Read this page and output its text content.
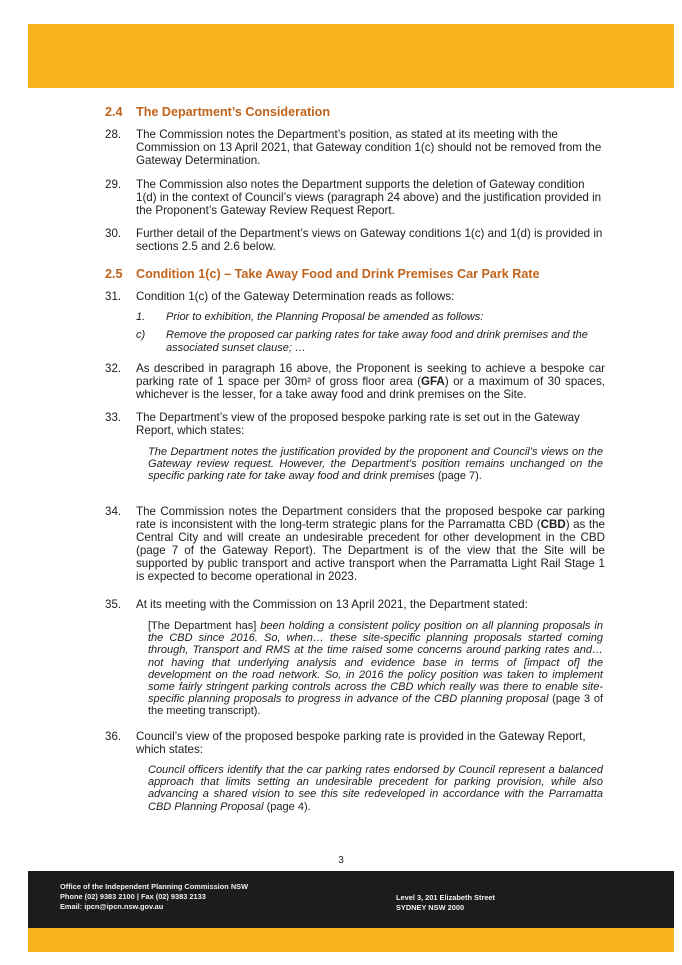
2.4 The Department’s Consideration
28. The Commission notes the Department’s position, as stated at its meeting with the Commission on 13 April 2021, that Gateway condition 1(c) should not be removed from the Gateway Determination.
29. The Commission also notes the Department supports the deletion of Gateway condition 1(d) in the context of Council’s views (paragraph 24 above) and the justification provided in the Proponent’s Gateway Review Request Report.
30. Further detail of the Department’s views on Gateway conditions 1(c) and 1(d) is provided in sections 2.5 and 2.6 below.
2.5 Condition 1(c) – Take Away Food and Drink Premises Car Park Rate
31. Condition 1(c) of the Gateway Determination reads as follows:
1. Prior to exhibition, the Planning Proposal be amended as follows:
c) Remove the proposed car parking rates for take away food and drink premises and the associated sunset clause; …
32. As described in paragraph 16 above, the Proponent is seeking to achieve a bespoke car parking rate of 1 space per 30m² of gross floor area (GFA) or a maximum of 30 spaces, whichever is the lesser, for a take away food and drink premises on the Site.
33. The Department’s view of the proposed bespoke parking rate is set out in the Gateway Report, which states:
The Department notes the justification provided by the proponent and Council’s views on the Gateway review request. However, the Department’s position remains unchanged on the specific parking rate for take away food and drink premises (page 7).
34. The Commission notes the Department considers that the proposed bespoke car parking rate is inconsistent with the long-term strategic plans for the Parramatta CBD (CBD) as the Central City and will create an undesirable precedent for other development in the CBD (page 7 of the Gateway Report). The Department is of the view that the Site will be supported by public transport and active transport when the Parramatta Light Rail Stage 1 is expected to become operational in 2023.
35. At its meeting with the Commission on 13 April 2021, the Department stated:
[The Department has] been holding a consistent policy position on all planning proposals in the CBD since 2016. So, when… these site-specific planning proposals started coming through, Transport and RMS at the time raised some concerns around parking rates and… not having that underlying analysis and evidence base in terms of [impact of] the development on the road network. So, in 2016 the policy position was taken to implement some fairly stringent parking controls across the CBD which really was there to enable site-specific planning proposals to progress in advance of the CBD planning proposal (page 3 of the meeting transcript).
36. Council’s view of the proposed bespoke parking rate is provided in the Gateway Report, which states:
Council officers identify that the car parking rates endorsed by Council represent a balanced approach that limits setting an undesirable precedent for parking provision, while also advancing a shared vision to see this site redeveloped in accordance with the Parramatta CBD Planning Proposal (page 4).
3
Office of the Independent Planning Commission NSW
Phone (02) 9383 2100 | Fax (02) 9383 2133
Email: ipcn@ipcn.nsw.gov.au
Level 3, 201 Elizabeth Street
SYDNEY NSW 2000
